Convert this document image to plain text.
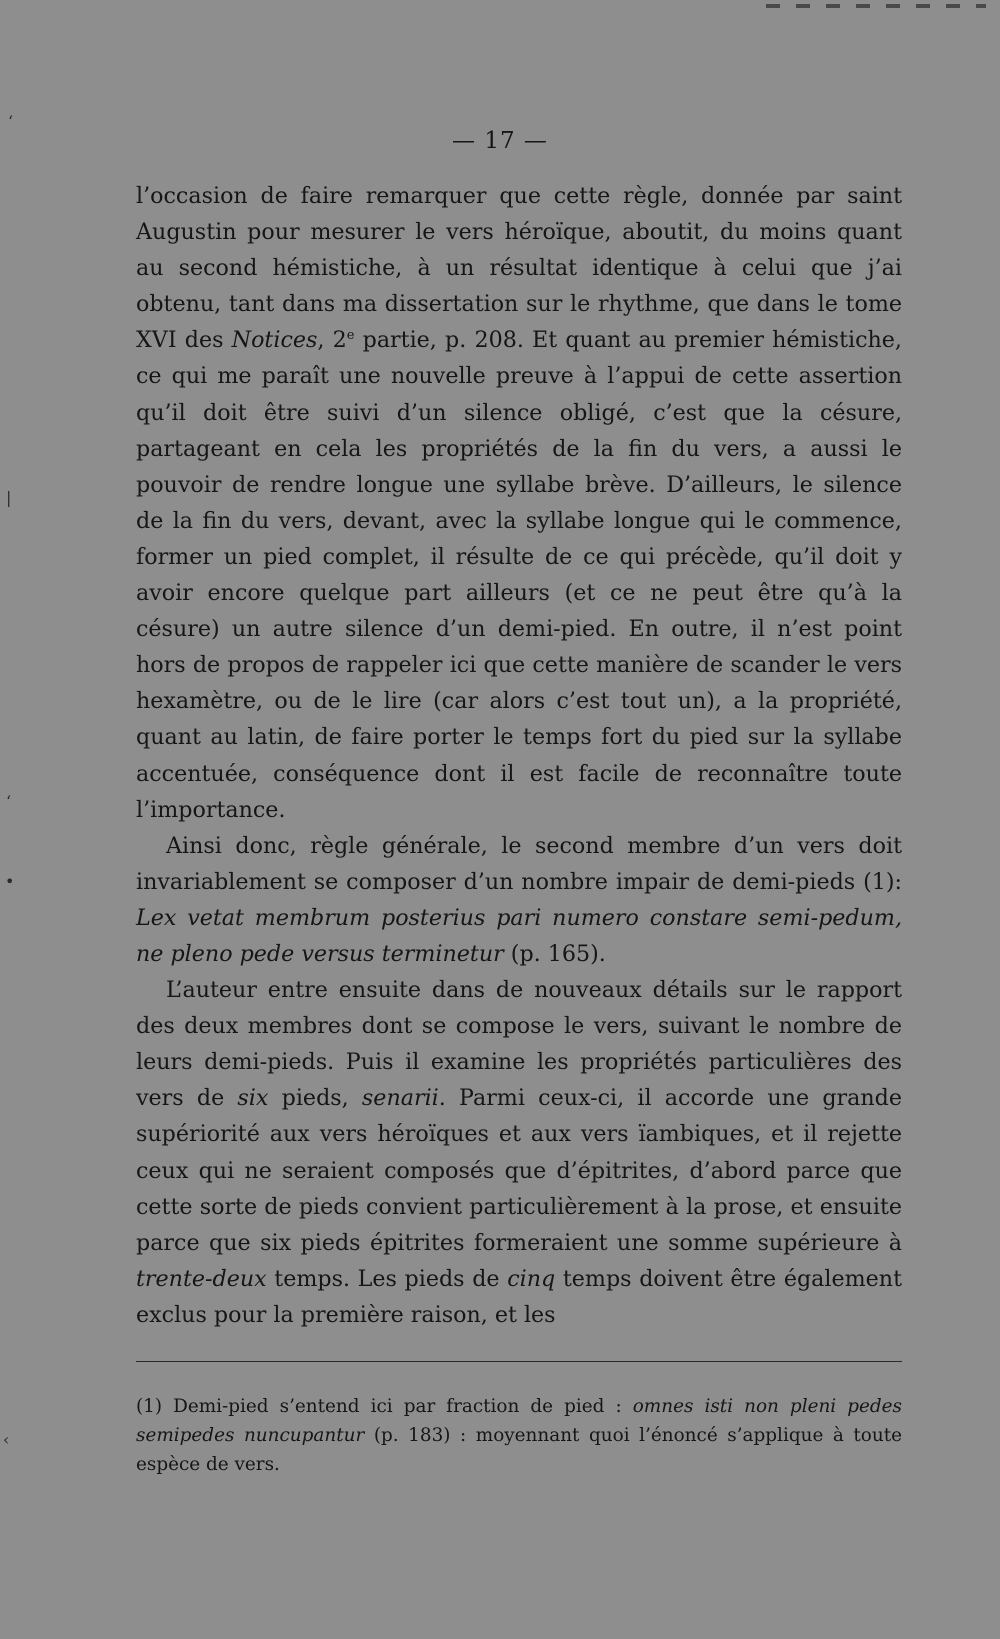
ʻ
|
ʻ
•
‹
— 17 —

l’occasion de faire remarquer que cette règle, donnée par saint Augustin pour mesurer le vers héroïque, aboutit, du moins quant au second hémistiche, à un résultat identique à celui que j’ai obtenu, tant dans ma dissertation sur le rhythme, que dans le tome XVI des Notices, 2e partie, p. 208. Et quant au premier hémistiche, ce qui me paraît une nouvelle preuve à l’appui de cette assertion qu’il doit être suivi d’un silence obligé, c’est que la césure, partageant en cela les propriétés de la fin du vers, a aussi le pouvoir de rendre longue une syllabe brève. D’ailleurs, le silence de la fin du vers, devant, avec la syllabe longue qui le commence, former un pied complet, il résulte de ce qui précède, qu’il doit y avoir encore quelque part ailleurs (et ce ne peut être qu’à la césure) un autre silence d’un demi-pied. En outre, il n’est point hors de propos de rappeler ici que cette manière de scander le vers hexamètre, ou de le lire (car alors c’est tout un), a la propriété, quant au latin, de faire porter le temps fort du pied sur la syllabe accentuée, conséquence dont il est facile de reconnaître toute l’importance.

Ainsi donc, règle générale, le second membre d’un vers doit invariablement se composer d’un nombre impair de demi-pieds (1): Lex vetat membrum posterius pari numero constare semi-pedum, ne pleno pede versus terminetur (p. 165).

L’auteur entre ensuite dans de nouveaux détails sur le rapport des deux membres dont se compose le vers, suivant le nombre de leurs demi-pieds. Puis il examine les propriétés particulières des vers de six pieds, senarii. Parmi ceux-ci, il accorde une grande supériorité aux vers héroïques et aux vers ïambiques, et il rejette ceux qui ne seraient composés que d’épitrites, d’abord parce que cette sorte de pieds convient particulièrement à la prose, et ensuite parce que six pieds épitrites formeraient une somme supérieure à trente-deux temps. Les pieds de cinq temps doivent être également exclus pour la première raison, et les

(1) Demi-pied s’entend ici par fraction de pied : omnes isti non pleni pedes semipedes nuncupantur (p. 183) : moyennant quoi l’énoncé s’applique à toute espèce de vers.
